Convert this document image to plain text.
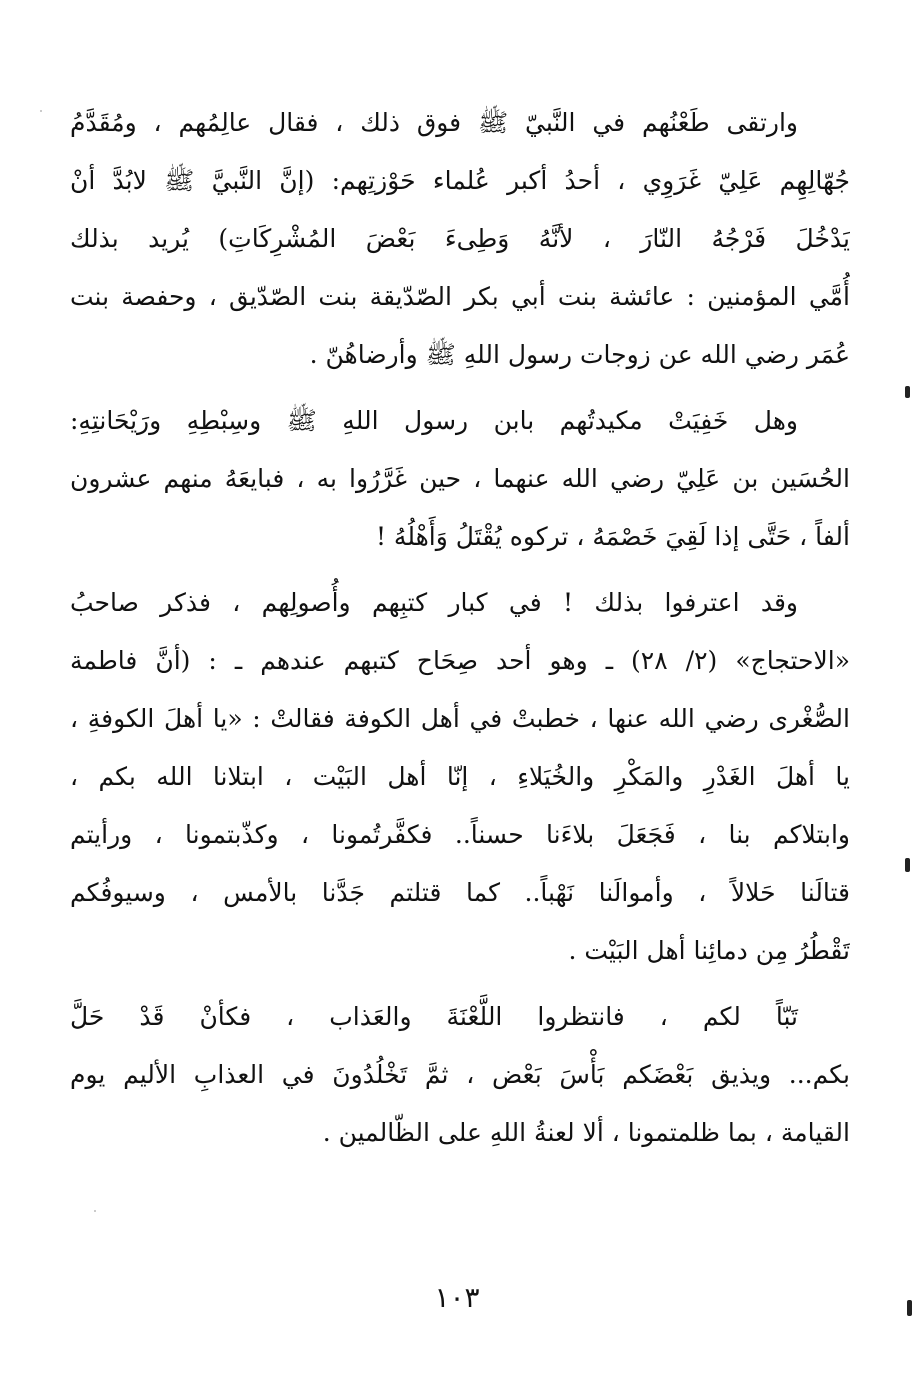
وارتقى طَعْنُهم في النَّبيّ ﷺ فوق ذلك ، فقال عالِمُهم ، ومُقَدَّمُ
جُهّالِهِم عَلِيّ غَرَوِي ، أحدُ أكبر عُلماء حَوْزتِهم: (إنَّ النَّبيَّ ﷺ لابُدَّ أنْ
يَدْخُلَ فَرْجُهُ النّارَ ، لأنَّهُ وَطِىءَ بَعْضَ المُشْرِكَاتِ) يُريد بذلك
أُمَّي المؤمنين : عائشة بنت أبي بكر الصّدّيقة بنت الصّدّيق ، وحفصة بنت
عُمَر رضي الله عن زوجات رسول اللهِ ﷺ وأرضاهُنّ .
وهل خَفِيَتْ مكيدتُهم بابن رسول اللهِ ﷺ وسِبْطِهِ ورَيْحَانتِهِ:
الحُسَين بن عَلِيّ رضي الله عنهما ، حين غَرَّرُوا به ، فبايعَهُ منهم عشرون
ألفاً ، حَتَّى إذا لَقِيَ خَصْمَهُ ، تركوه يُقْتَلُ وَأَهْلُهُ !
وقد اعترفوا بذلك ! في كبار كتبِهم وأُصولِهم ، فذكر صاحبُ
«الاحتجاج» (٢/ ٢٨) ـ وهو أحد صِحَاح كتبهم عندهم ـ : (أنَّ فاطمة
الصُّغْرى رضي الله عنها ، خطبتْ في أهل الكوفة فقالتْ : «يا أهلَ الكوفةِ ،
يا أهلَ الغَدْرِ والمَكْرِ والخُيَلاءِ ، إنّا أهل البَيْت ، ابتلانا الله بكم ،
وابتلاكم بنا ، فَجَعَلَ بلاءَنا حسناً.. فكفَّرتُمونا ، وكذّبتمونا ، ورأيتم
قتالَنا حَلالاً ، وأموالَنا نَهْباً.. كما قتلتم جَدَّنا بالأمس ، وسيوفُكم
تَقْطُرُ مِن دمائِنا أهل البَيْت .
تَبّاً لكم ، فانتظروا اللَّعْنَةَ والعَذاب ، فكأنْ قَدْ حَلَّ
بكم... ويذيق بَعْضَكم بَأْسَ بَعْض ، ثمَّ تَخْلُدُونَ في العذابِ الأليم يوم
القيامة ، بما ظلمتمونا ، ألا لعنةُ اللهِ على الظّالمين .
١٠٣
